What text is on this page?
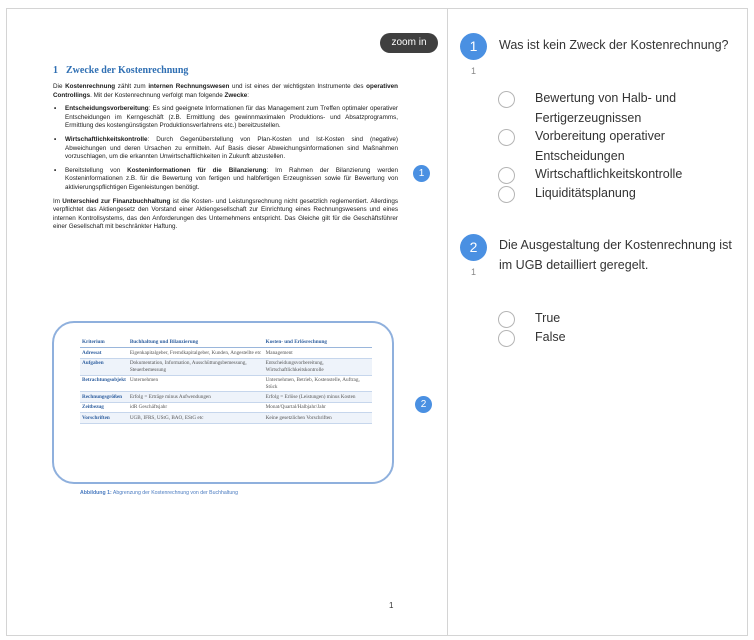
zoom in
1 Zwecke der Kostenrechnung

Die Kostenrechnung zählt zum internen Rechnungswesen und ist eines der wichtigsten Instrumente des operativen Controllings. Mit der Kostenrechnung verfolgt man folgende Zwecke:

• Entscheidungsvorbereitung: Es sind geeignete Informationen für das Management zum Treffen optimaler operativer Entscheidungen im Kerngeschäft (z.B. Ermittlung des gewinnmaximalen Produktions- und Absatzprogramms, Ermittlung des kostengünstigsten Produktionsverfahrens etc.) bereitzustellen.
• Wirtschaftlichkeitskontrolle: Durch Gegenüberstellung von Plan-Kosten und Ist-Kosten sind (negative) Abweichungen und deren Ursachen zu ermitteln. Auf Basis dieser Abweichungsinformationen sind Maßnahmen vorzuschlagen, um die erkannten Unwirtschaftlichkeiten in Zukunft abzustellen.
• Bereitstellung von Kosteninformationen für die Bilanzierung: Im Rahmen der Bilanzierung werden Kosteninformationen z.B. für die Bewertung von fertigen und halbfertigen Erzeugnissen sowie für Bewertung von aktivierungspflichtigen Eigenleistungen benötigt.

Im Unterschied zur Finanzbuchhaltung ist die Kosten- und Leistungsrechnung nicht gesetzlich reglementiert. Allerdings verpflichtet das Aktiengesetz den Vorstand einer Aktiengesellschaft zur Einrichtung eines Rechnungswesens und eines internen Kontrollsystems, das den Anforderungen des Unternehmens entspricht. Das Gleiche gilt für die Geschäftsführer einer Gesellschaft mit beschränkter Haftung.

Kriterium	Buchhaltung und Bilanzierung	Kosten- und Erlösrechnung
Adressat	Eigenkapitalgeber, Fremdkapitalgeber, Kunden, Angestellte etc	Management
Aufgaben	Dokumentation, Information, Ausschüttungsbemessung, Steuerbemessung	Entscheidungsvorbereitung, Wirtschaftlichkeitskontrolle
Betrachtungsobjekt	Unternehmen	Unternehmen, Betrieb, Kostenstelle, Auftrag, Stück
Rechnungsgrößen	Erfolg = Erträge minus Aufwendungen	Erfolg = Erlöse (Leistungen) minus Kosten
Zeitbezug	idR Geschäftsjahr	Monat/Quartal/Halbjahr/Jahr
Vorschriften	UGB, IFRS, UStG, BAO, EStG etc	Keine gesetzlichen Vorschriften
Abbildung 1: Abgrenzung der Kostenrechnung von der Buchhaltung
1
1
2
1
1
Was ist kein Zweck der Kostenrechnung?
Bewertung von Halb- und Fertigerzeugnissen
Vorbereitung operativer Entscheidungen
Wirtschaftlichkeitskontrolle
Liquiditätsplanung
2
1
Die Ausgestaltung der Kostenrechnung ist im UGB detailliert geregelt.
True
False
